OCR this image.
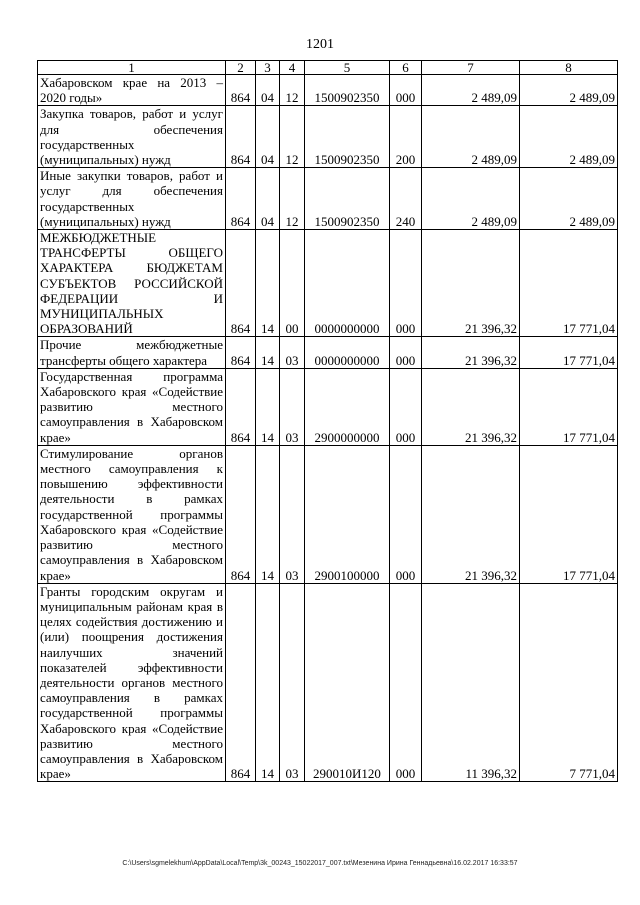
1201
1	2	3	4	5	6	7	8
Хабаровском крае на 2013 – 2020 годы»	864	04	12	1500902350	000	2 489,09	2 489,09
Закупка товаров, работ и услуг для обеспечения государственных (муниципальных) нужд	864	04	12	1500902350	200	2 489,09	2 489,09
Иные закупки товаров, работ и услуг для обеспечения государственных (муниципальных) нужд	864	04	12	1500902350	240	2 489,09	2 489,09
МЕЖБЮДЖЕТНЫЕ ТРАНСФЕРТЫ ОБЩЕГО ХАРАКТЕРА БЮДЖЕТАМ СУБЪЕКТОВ РОССИЙСКОЙ ФЕДЕРАЦИИ И МУНИЦИПАЛЬНЫХ ОБРАЗОВАНИЙ	864	14	00	0000000000	000	21 396,32	17 771,04
Прочие межбюджетные трансферты общего характера	864	14	03	0000000000	000	21 396,32	17 771,04
Государственная программа Хабаровского края «Содействие развитию местного самоуправления в Хабаровском крае»	864	14	03	2900000000	000	21 396,32	17 771,04
Стимулирование органов местного самоуправления к повышению эффективности деятельности в рамках государственной программы Хабаровского края «Содействие развитию местного самоуправления в Хабаровском крае»	864	14	03	2900100000	000	21 396,32	17 771,04
Гранты городским округам и муниципальным районам края в целях содействия достижению и (или) поощрения достижения наилучших значений показателей эффективности деятельности органов местного самоуправления в рамках государственной программы Хабаровского края «Содействие развитию местного самоуправления в Хабаровском крае»	864	14	03	290010И120	000	11 396,32	7 771,04
C:\Users\sgmelekhum\AppData\Local\Temp\3k_00243_15022017_007.txt\Мезенина Ирина Геннадьевна\16.02.2017 16:33:57
